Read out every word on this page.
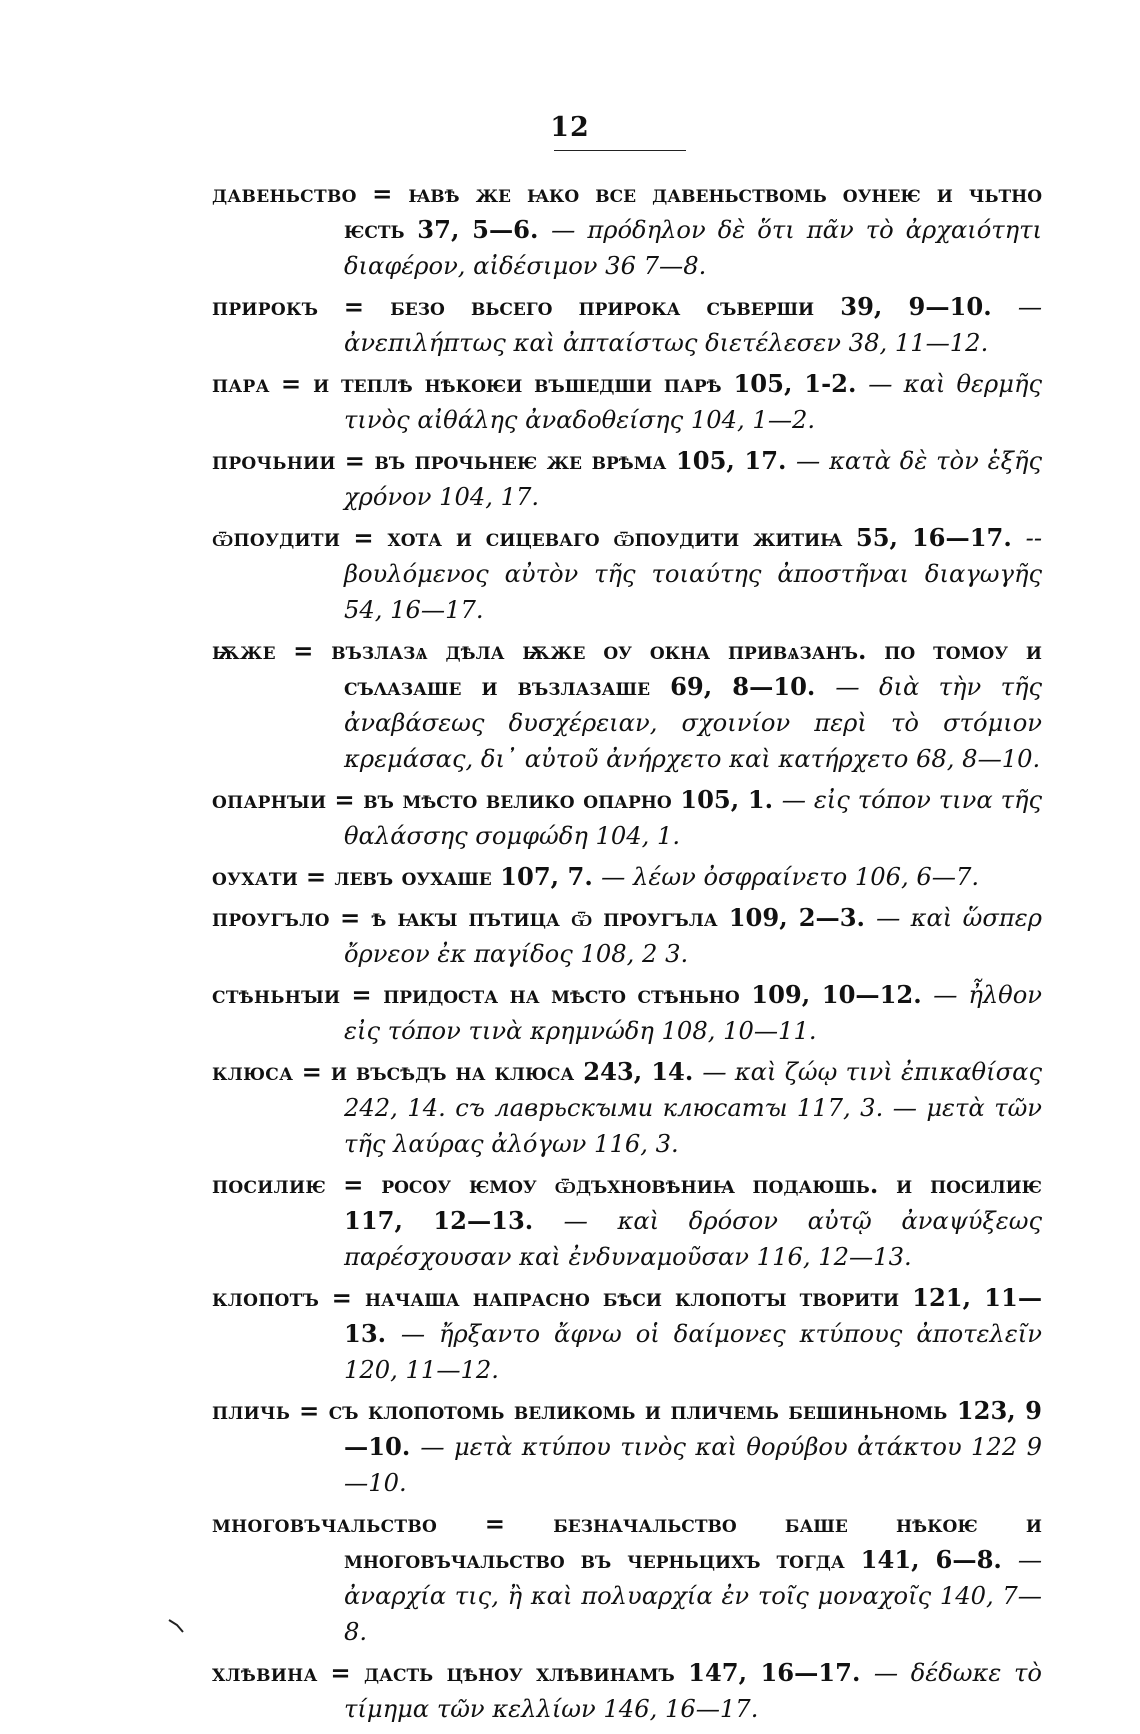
12

давеньство = ꙗвѣ же ꙗко все давеньствомь оунеѥ и чьтно ѥсть 37, 5—6. — πρόδηλον δὲ ὅτι πᾶν τὸ ἀρχαιότητι διαφέρον, αἰδέσιμον 36 7—8.

прирокъ = безо вьсего прирока съверши 39, 9—10. — ἀνεπιλήπτως καὶ ἀπταίστως διετέλεσεν 38, 11—12.

пара = и теплѣ нѣкоѥи въшедши парѣ 105, 1-2. — καὶ θερμῆς τινὸς αἰθάλης ἀναδοθείσης 104, 1—2.

прочьнии = въ прочьнеѥ же врѣма 105, 17. — κατὰ δὲ τὸν ἑξῆς χρόνον 104, 17.

ѿпоудити = хота и сицеваго ѿпоудити житиꙗ 55, 16—17. -- βουλόμενος αὐτὸν τῆς τοιαύτης ἀποστῆναι διαγωγῆς 54, 16—17.

ѭже = възлазѧ дѣла ѭже оу окна привѧзанъ. по томоу и съλазаше и възлазаше 69, 8—10. — διὰ τὴν τῆς ἀναβάσεως δυσχέρειαν, σχοινίον περὶ τὸ στόμιον κρεμάσας, δι᾽ αὐτοῦ ἀνήρχετο καὶ κατήρχετο 68, 8—10.

опарнꙑи = въ мѣсто велико опарно 105, 1. — εἰς τόπον τινα τῆς θαλάσσης σομφώδη 104, 1.

оухати = левъ оухаше 107, 7. — λέων ὀσφραίνετο 106, 6—7.

проугъло = ѣ ꙗкꙑ пътица ѿ проугъла 109, 2—3. — καὶ ὥσπερ ὄρνεον ἐκ παγίδος 108, 2 3.

стѣньнꙑи = придоста на мѣсто стѣньно 109, 10—12. — ἦλθον εἰς τόπον τινὰ κρημνώδη 108, 10—11.

клюса = и въсѣдъ на клюса 243, 14. — καὶ ζώῳ τινὶ ἐπικαθίσας 242, 14. съ лаврьскꙑми клюсатꙑ 117, 3. — μετὰ τῶν τῆς λαύρας ἀλόγων 116, 3.

посилиѥ = росоу ѥмоу ѿдъхновѣниꙗ подаюшь. и посилиѥ 117, 12—13. — καὶ δρόσον αὐτῷ ἀναψύξεως παρέσχουσαν καὶ ἐνδυναμοῦσαν 116, 12—13.

клопотъ = начаша напрасно бѣси клопотꙑ творити 121, 11—13. — ἤρξαντο ἄφνω οἱ δαίμονες κτύπους ἀποτελεῖν 120, 11—12.

пличь = съ клопотомь великомь и пличемь бешиньномь 123, 9—10. — μετὰ κτύπου τινὸς καὶ θορύβου ἀτάκτου 122 9—10.

многовъчальство = безначальство баше нѣкоѥ и многовъчальство въ черньцихъ тогда 141, 6—8. — ἀναρχία τις, ἢ καὶ πολυαρχία ἐν τοῖς μοναχοῖς 140, 7—8.

хлѣвина = дасть цѣноу хлѣвинамъ 147, 16—17. — δέδωκε τὸ τίμημα τῶν κελλίων 146, 16—17.
